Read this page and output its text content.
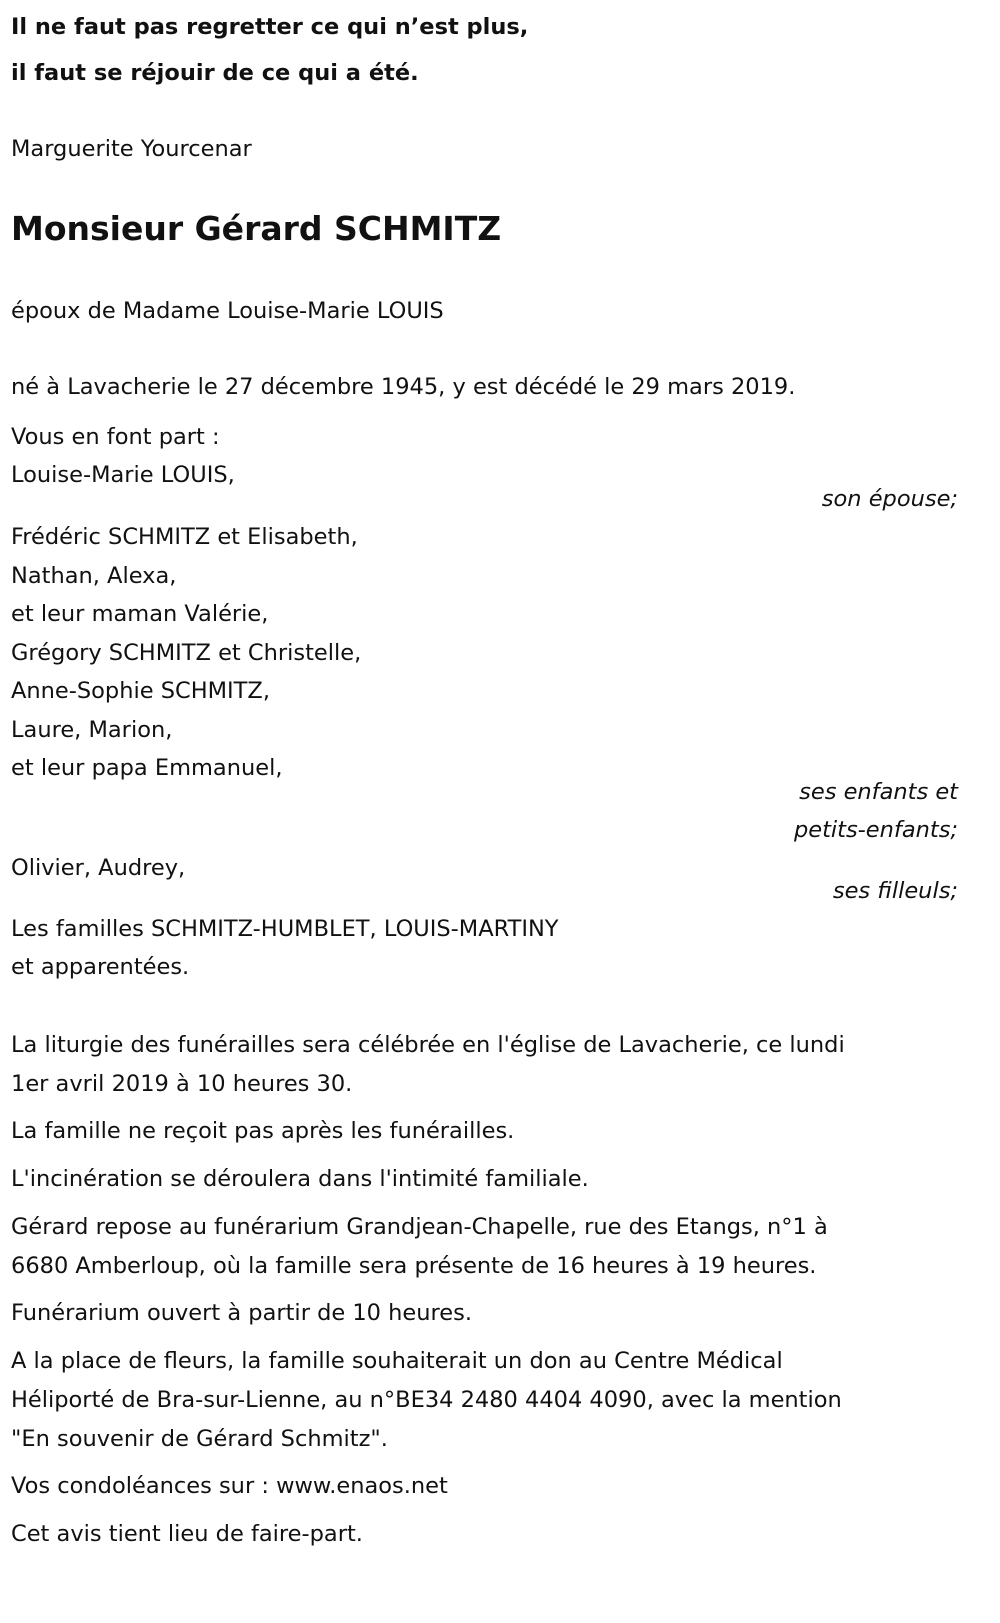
Il ne faut pas regretter ce qui n’est plus,
il faut se réjouir de ce qui a été.
Marguerite Yourcenar
Monsieur Gérard SCHMITZ
époux de Madame Louise-Marie LOUIS
né à Lavacherie le 27 décembre 1945, y est décédé le 29 mars 2019.
Vous en font part :
Louise-Marie LOUIS,
son épouse;
Frédéric SCHMITZ et Elisabeth,
Nathan, Alexa,
et leur maman Valérie,
Grégory SCHMITZ et Christelle,
Anne-Sophie SCHMITZ,
Laure, Marion,
et leur papa Emmanuel,
ses enfants et
petits-enfants;
Olivier, Audrey,
ses filleuls;
Les familles SCHMITZ-HUMBLET, LOUIS-MARTINY
et apparentées.
La liturgie des funérailles sera célébrée en l'église de Lavacherie, ce lundi
1er avril 2019 à 10 heures 30.
La famille ne reçoit pas après les funérailles.
L'incinération se déroulera dans l'intimité familiale.
Gérard repose au funérarium Grandjean-Chapelle, rue des Etangs, n°1 à
6680 Amberloup, où la famille sera présente de 16 heures à 19 heures.
Funérarium ouvert à partir de 10 heures.
A la place de fleurs, la famille souhaiterait un don au Centre Médical
Héliporté de Bra-sur-Lienne, au n°BE34 2480 4404 4090, avec la mention
"En souvenir de Gérard Schmitz".
Vos condoléances sur : www.enaos.net
Cet avis tient lieu de faire-part.
